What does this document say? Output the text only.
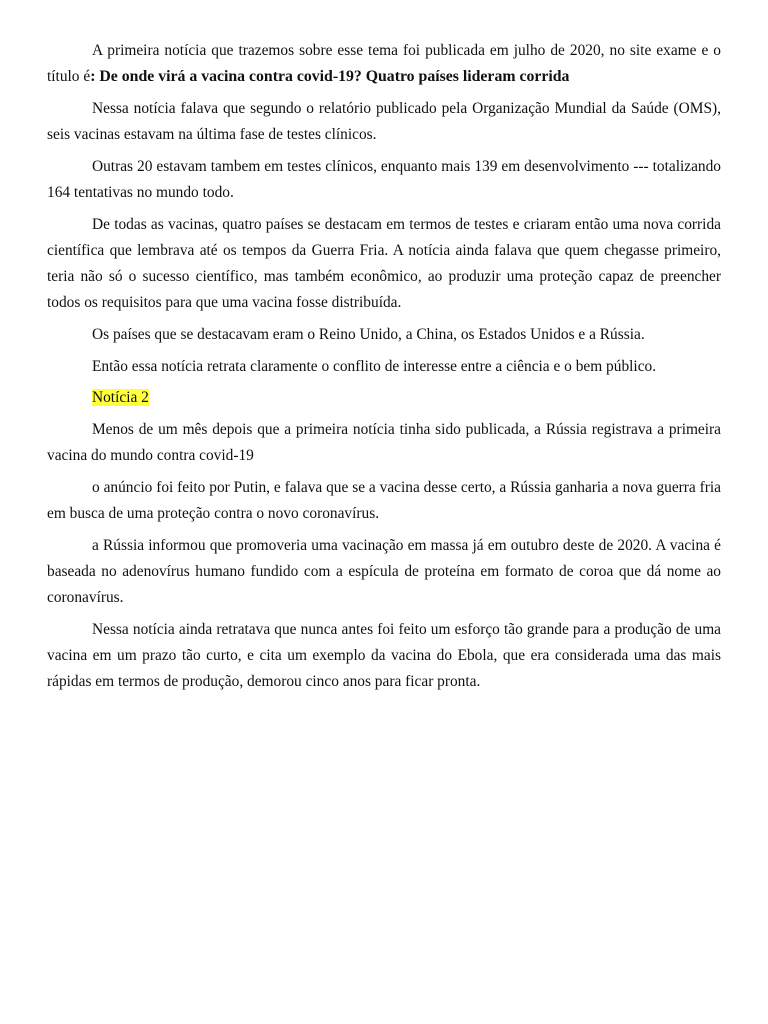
A primeira notícia que trazemos sobre esse tema foi publicada em julho de 2020, no site exame e o título é: De onde virá a vacina contra covid-19? Quatro países lideram corrida

Nessa notícia falava que segundo o relatório publicado pela Organização Mundial da Saúde (OMS), seis vacinas estavam na última fase de testes clínicos.

Outras 20 estavam tambem em testes clínicos, enquanto mais 139 em desenvolvimento --- totalizando 164 tentativas no mundo todo.

De todas as vacinas, quatro países se destacam em termos de testes e criaram então uma nova corrida científica que lembrava até os tempos da Guerra Fria. A notícia ainda falava que quem chegasse primeiro, teria não só o sucesso científico, mas também econômico, ao produzir uma proteção capaz de preencher todos os requisitos para que uma vacina fosse distribuída.

Os países que se destacavam eram o Reino Unido, a China, os Estados Unidos e a Rússia.

Então essa notícia retrata claramente o conflito de interesse entre a ciência e o bem público.

Notícia 2

Menos de um mês depois que a primeira notícia tinha sido publicada, a Rússia registrava a primeira vacina do mundo contra covid-19

o anúncio foi feito por Putin, e falava que se a vacina desse certo, a Rússia ganharia a nova guerra fria em busca de uma proteção contra o novo coronavírus.

a Rússia informou que promoveria uma vacinação em massa já em outubro deste de 2020. A vacina é baseada no adenovírus humano fundido com a espícula de proteína em formato de coroa que dá nome ao coronavírus.

Nessa notícia ainda retratava que nunca antes foi feito um esforço tão grande para a produção de uma vacina em um prazo tão curto, e cita um exemplo da vacina do Ebola, que era considerada uma das mais rápidas em termos de produção, demorou cinco anos para ficar pronta.
